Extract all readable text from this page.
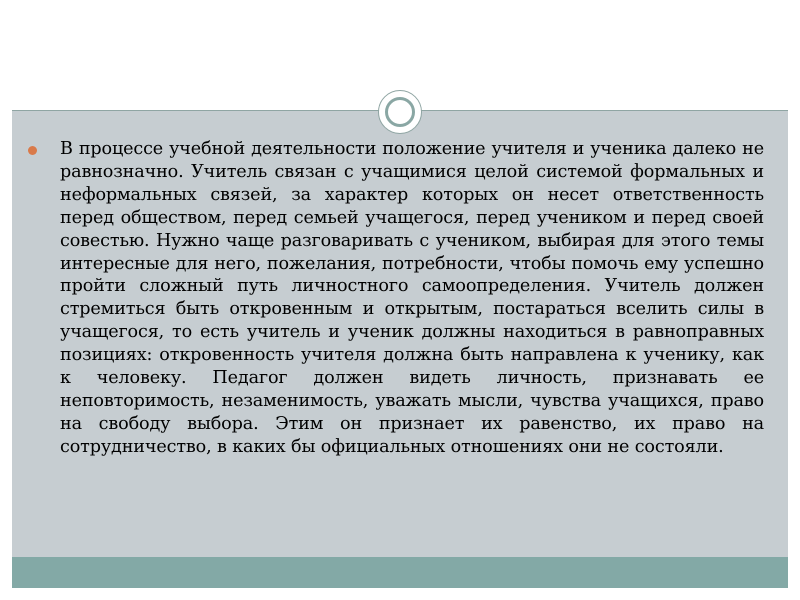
В процессе учебной деятельности положение учителя и ученика далеко не равнозначно. Учитель связан с учащимися целой системой формальных и неформальных связей, за характер которых он несет ответственность перед обществом, перед семьей учащегося, перед учеником и перед своей совестью. Нужно чаще разговаривать с учеником, выбирая для этого темы интересные для него, пожелания, потребности, чтобы помочь ему успешно пройти сложный путь личностного самоопределения. Учитель должен стремиться быть откровенным и открытым, постараться вселить силы в учащегося, то есть учитель и ученик должны находиться в равноправных позициях: откровенность учителя должна быть направлена к ученику, как к человеку. Педагог должен видеть личность, признавать ее неповторимость, незаменимость, уважать мысли, чувства учащихся, право на свободу выбора. Этим он признает их равенство, их право на сотрудничество, в каких бы официальных отношениях они не состояли.
